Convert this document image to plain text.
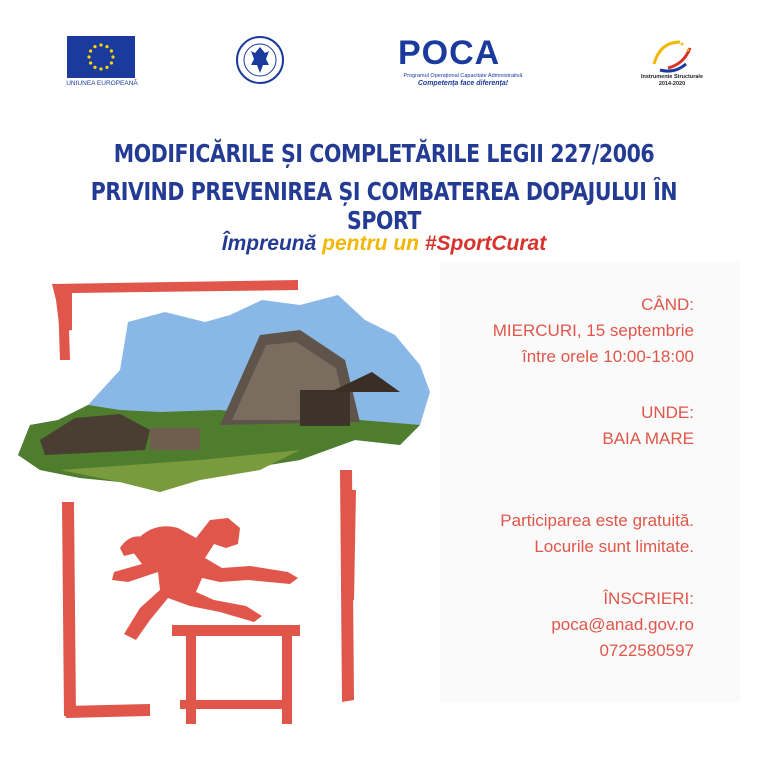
UNIUNEA EUROPEANĂ
POCA
Programul Operațional Capacitate Administrativă
Competența face diferența!
Instrumente Structurale
2014-2020
MODIFICĂRILE ȘI COMPLETĂRILE LEGII 227/2006
PRIVIND PREVENIREA ȘI COMBATEREA DOPAJULUI ÎN SPORT
Împreună pentru un #SportCurat
CÂND:
MIERCURI, 15 septembrie
între orele 10:00-18:00
UNDE:
BAIA MARE
Participarea este gratuită.
Locurile sunt limitate.
ÎNSCRIERI:
poca@anad.gov.ro
0722580597
